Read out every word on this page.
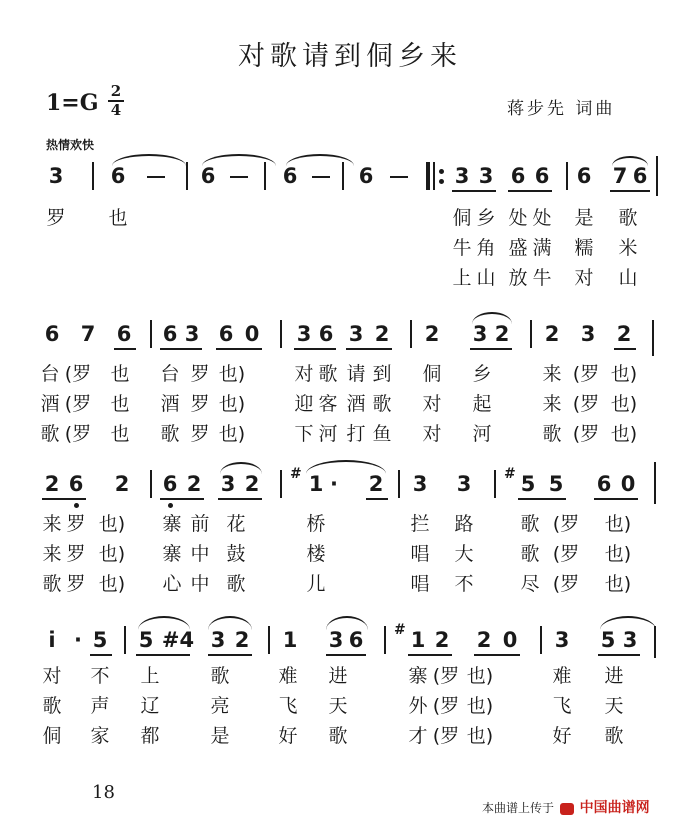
对歌请到侗乡来
1=G 2
4	蒋步先 词曲
热情欢快
3 6	6	6	6	3 3 6 6 6 7 6
罗 也	侗 乡 处 处 是 歌
牛 角 盛 满 糯 米
上 山 放 牛 对 山
6 7 6 6 3 6 0 3 6 3 2 2 3 2 2 3 2
台 (罗 也 台 罗 也)	对 歌 请 到 侗 乡	来 (罗 也)
酒 (罗 也 酒 罗 也)	迎 客 酒 歌 对 起	来 (罗 也)
歌 (罗 也 歌 罗 也)	下 河 打 鱼 对 河	歌 (罗 也)
2 6 2 6 2 3 2 # 1 · 2 3 3 # 5 5 6 0
来 罗 也) 寨 前 花	桥	拦 路 歌 (罗 也)
来 罗 也) 寨 中 鼓	楼	唱 大 歌 (罗 也)
歌 罗 也) 心 中 歌	儿	唱 不 尽 (罗 也)
i · 5 5 #4 3 2 1 3 6 # 1 2 2 0 3 5 3
对 不 上	歌	难 进	寨 (罗 也)	难 进
歌 声 辽	亮	飞 天	外 (罗 也)	飞 天
侗 家 都	是	好 歌	才 (罗 也)	好 歌
18
本曲谱上传于 中国曲谱网
